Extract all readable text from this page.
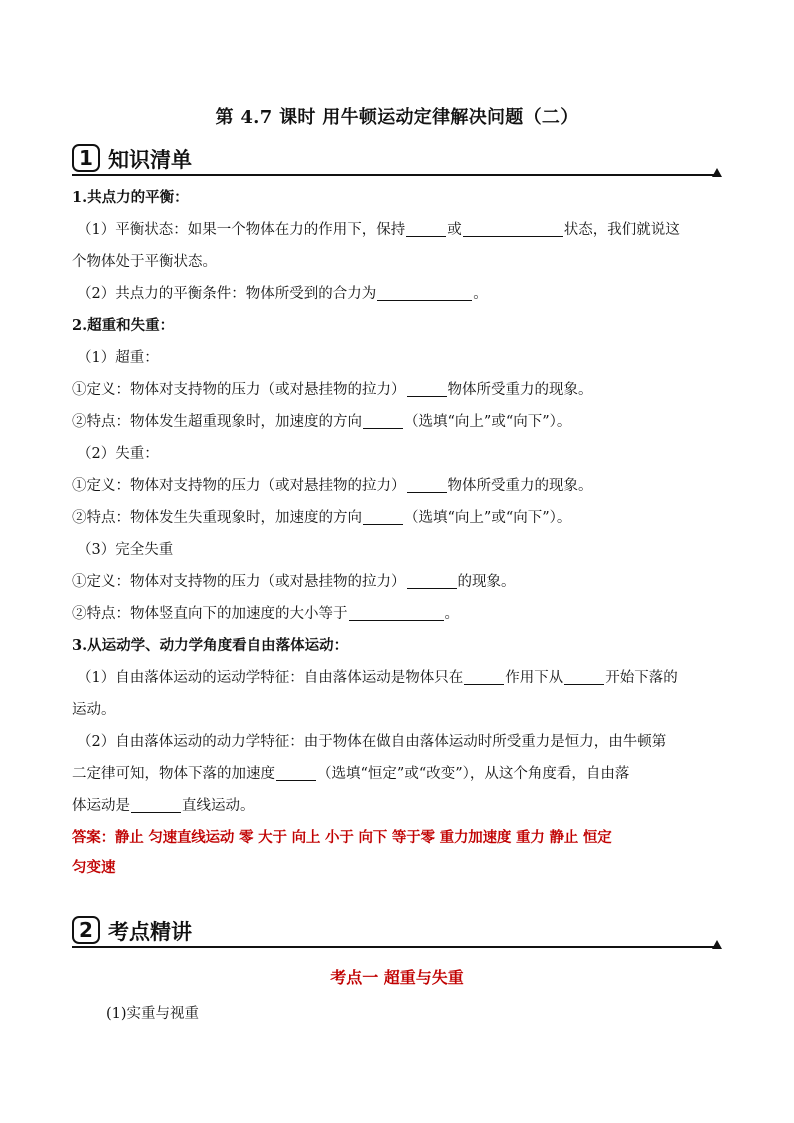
第 4.7 课时 用牛顿运动定律解决问题（二）
1 知识清单
1.共点力的平衡：
（1）平衡状态：如果一个物体在力的作用下，保持	或	状态，我们就说这
个物体处于平衡状态。
（2）共点力的平衡条件：物体所受到的合力为	。
2.超重和失重：
（1）超重：
①定义：物体对支持物的压力（或对悬挂物的拉力）	物体所受重力的现象。
②特点：物体发生超重现象时，加速度的方向	（选填“向上”或“向下”）。
（2）失重：
①定义：物体对支持物的压力（或对悬挂物的拉力）	物体所受重力的现象。
②特点：物体发生失重现象时，加速度的方向	（选填“向上”或“向下”）。
（3）完全失重
①定义：物体对支持物的压力（或对悬挂物的拉力）	的现象。
②特点：物体竖直向下的加速度的大小等于	。
3.从运动学、动力学角度看自由落体运动：
（1）自由落体运动的运动学特征：自由落体运动是物体只在	作用下从	开始下落的
运动。
（2）自由落体运动的动力学特征：由于物体在做自由落体运动时所受重力是恒力，由牛顿第
二定律可知，物体下落的加速度	（选填“恒定”或“改变”），从这个角度看，自由落
体运动是	直线运动。
答案：静止 匀速直线运动 零 大于 向上 小于 向下 等于零 重力加速度 重力 静止 恒定
匀变速
2 考点精讲
考点一 超重与失重
(1)实重与视重
